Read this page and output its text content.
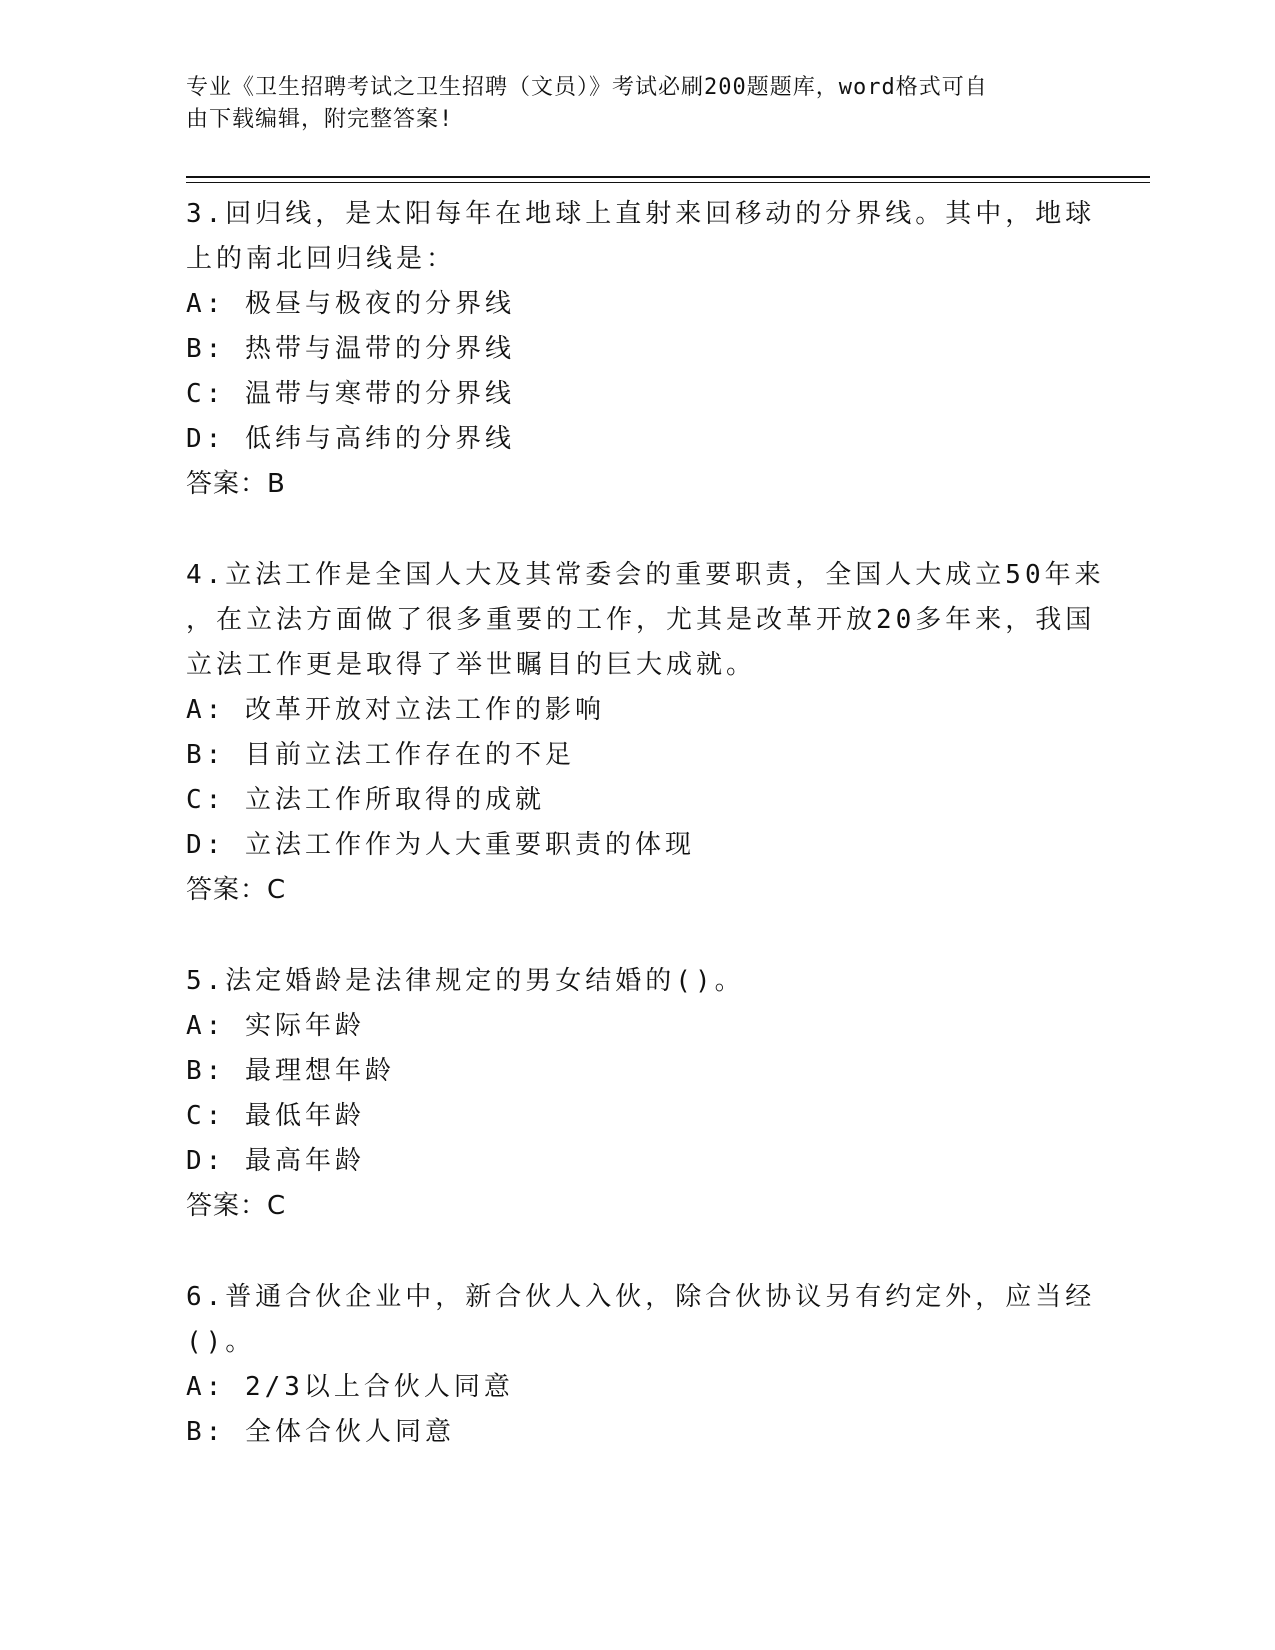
专业《卫生招聘考试之卫生招聘（文员）》考试必刷200题题库，word格式可自
由下载编辑，附完整答案!
3.回归线，是太阳每年在地球上直射来回移动的分界线。其中，地球
上的南北回归线是：
A: 极昼与极夜的分界线
B: 热带与温带的分界线
C: 温带与寒带的分界线
D: 低纬与高纬的分界线
答案：B
4.立法工作是全国人大及其常委会的重要职责，全国人大成立50年来
，在立法方面做了很多重要的工作，尤其是改革开放20多年来，我国
立法工作更是取得了举世瞩目的巨大成就。
A: 改革开放对立法工作的影响
B: 目前立法工作存在的不足
C: 立法工作所取得的成就
D: 立法工作作为人大重要职责的体现
答案：C
5.法定婚龄是法律规定的男女结婚的()。
A: 实际年龄
B: 最理想年龄
C: 最低年龄
D: 最高年龄
答案：C
6.普通合伙企业中，新合伙人入伙，除合伙协议另有约定外，应当经
()。
A: 2/3以上合伙人同意
B: 全体合伙人同意
